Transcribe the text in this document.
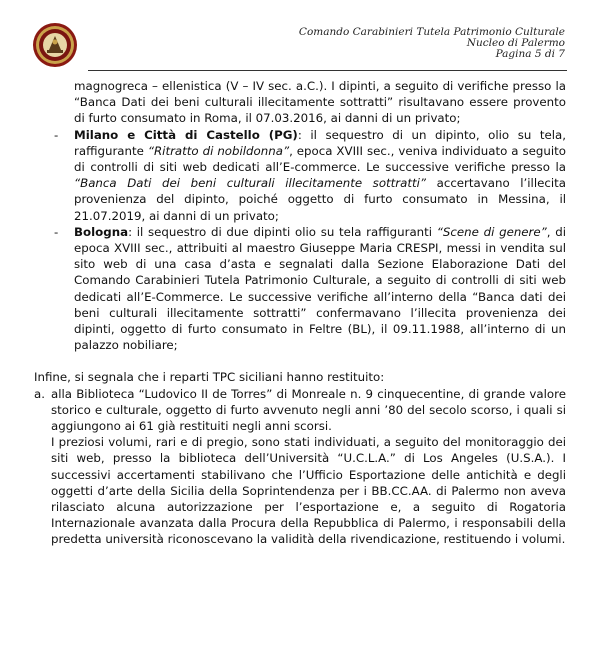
Comando Carabinieri Tutela Patrimonio Culturale
Nucleo di Palermo
Pagina 5 di 7
magnogreca – ellenistica (V – IV sec. a.C.). I dipinti, a seguito di verifiche presso la “Banca Dati dei beni culturali illecitamente sottratti” risultavano essere provento di furto consumato in Roma, il 07.03.2016, ai danni di un privato;
- Milano e Città di Castello (PG): il sequestro di un dipinto, olio su tela, raffigurante “Ritratto di nobildonna”, epoca XVIII sec., veniva individuato a seguito di controlli di siti web dedicati all’E-commerce. Le successive verifiche presso la “Banca Dati dei beni culturali illecitamente sottratti” accertavano l’illecita provenienza del dipinto, poiché oggetto di furto consumato in Messina, il 21.07.2019, ai danni di un privato;
- Bologna: il sequestro di due dipinti olio su tela raffiguranti “Scene di genere”, di epoca XVIII sec., attribuiti al maestro Giuseppe Maria CRESPI, messi in vendita sul sito web di una casa d’asta e segnalati dalla Sezione Elaborazione Dati del Comando Carabinieri Tutela Patrimonio Culturale, a seguito di controlli di siti web dedicati all’E-Commerce. Le successive verifiche all’interno della “Banca dati dei beni culturali illecitamente sottratti” confermavano l’illecita provenienza dei dipinti, oggetto di furto consumato in Feltre (BL), il 09.11.1988, all’interno di un palazzo nobiliare;
Infine, si segnala che i reparti TPC siciliani hanno restituito:
a. alla Biblioteca “Ludovico II de Torres” di Monreale n. 9 cinquecentine, di grande valore storico e culturale, oggetto di furto avvenuto negli anni ’80 del secolo scorso, i quali si aggiungono ai 61 già restituiti negli anni scorsi.
I preziosi volumi, rari e di pregio, sono stati individuati, a seguito del monitoraggio dei siti web, presso la biblioteca dell’Università “U.C.L.A.” di Los Angeles (U.S.A.). I successivi accertamenti stabilivano che l’Ufficio Esportazione delle antichità e degli oggetti d’arte della Sicilia della Soprintendenza per i BB.CC.AA. di Palermo non aveva rilasciato alcuna autorizzazione per l’esportazione e, a seguito di Rogatoria Internazionale avanzata dalla Procura della Repubblica di Palermo, i responsabili della predetta università riconoscevano la validità della rivendicazione, restituendo i volumi.
